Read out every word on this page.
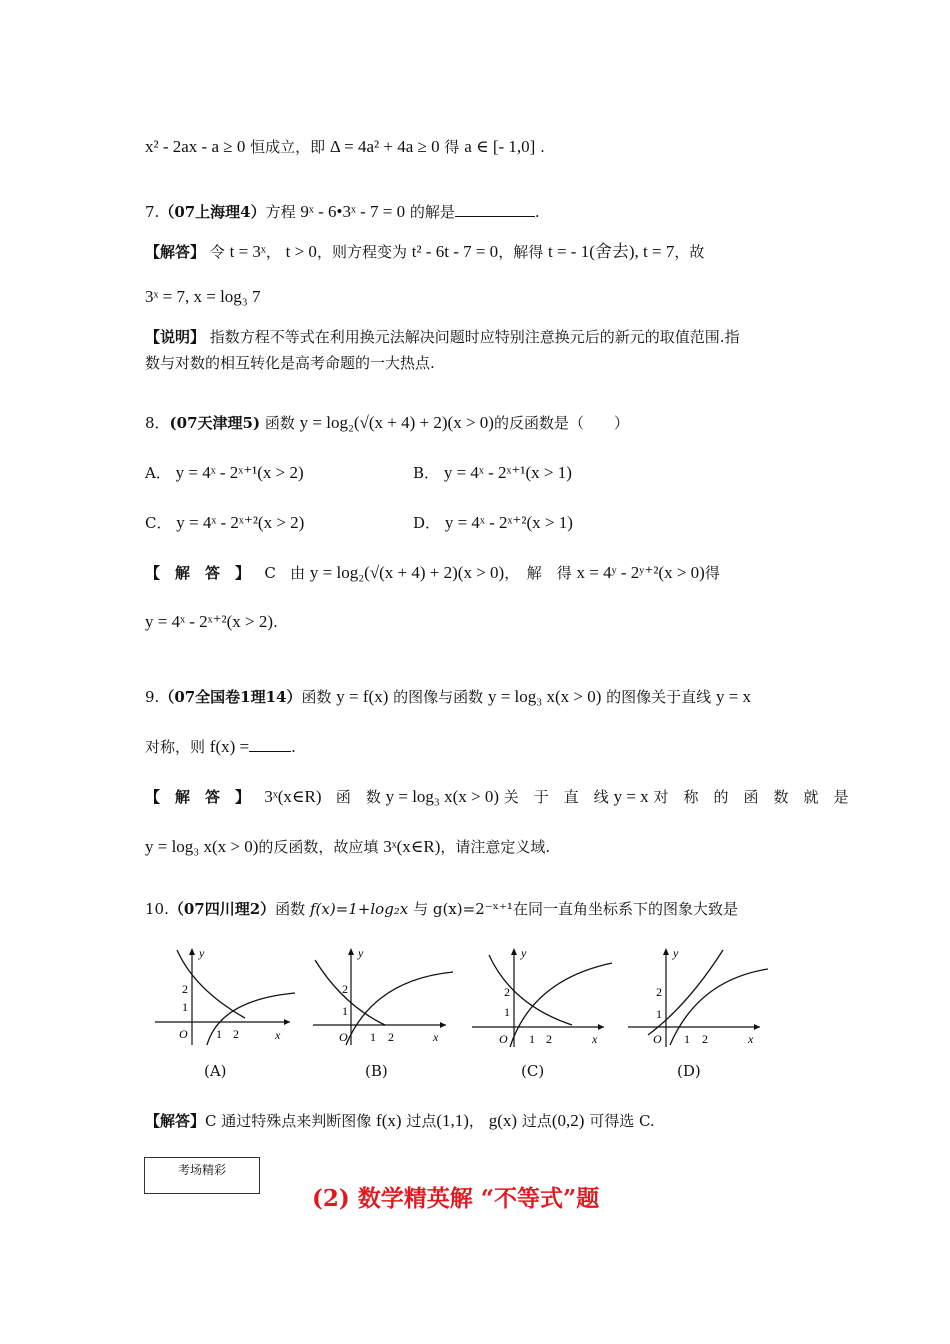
x² - 2ax - a ≥ 0 恒成立，即 Δ = 4a² + 4a ≥ 0 得 a ∈ [- 1,0] .
7.（07上海理4）方程 9ˣ - 6•3ˣ - 7 = 0 的解是	.
【解答】 令 t = 3ˣ， t > 0，则方程变为 t² - 6t - 7 = 0，解得 t = - 1(舍去), t = 7，故
3ˣ = 7, x = log₃ 7
【说明】 指数方程不等式在利用换元法解决问题时应特别注意换元后的新元的取值范围.指
数与对数的相互转化是高考命题的一大热点.
8．(07天津理5) 函数 y = log₂(√(x + 4) + 2)(x > 0)的反函数是（　　）
A． y = 4ˣ - 2ˣ⁺¹(x > 2)	B． y = 4ˣ - 2ˣ⁺¹(x > 1)
C． y = 4ˣ - 2ˣ⁺²(x > 2)	D． y = 4ˣ - 2ˣ⁺²(x > 1)
【　解　答　】 C 由 y = log₂(√(x + 4) + 2)(x > 0)，　解　得 x = 4ʸ - 2ʸ⁺²(x > 0)得
y = 4ˣ - 2ˣ⁺²(x > 2).
9.（07全国卷1理14）函数 y = f(x) 的图像与函数 y = log₃ x(x > 0) 的图像关于直线 y = x
对称，则 f(x) =	.
【　解　答　】 3ˣ(x∈R) 函　数 y = log₃ x(x > 0) 关　于　直　线 y = x 对　称　的　函　数　就　是
y = log₃ x(x > 0)的反函数，故应填 3ˣ(x∈R)，请注意定义域.
10.（07四川理2）函数 f(x)=1+log₂x 与 g(x)=2⁻ˣ⁺¹在同一直角坐标系下的图象大致是
y
x
O
2
1
1 2
(A)
y
x
O
2
1
1 2
(B)
y
x
O
2
1
1 2
(C)
y
x
O
2
1
1 2
(D)
【解答】C 通过特殊点来判断图像 f(x) 过点(1,1)， g(x) 过点(0,2) 可得选 C.
考场精彩
(2) 数学精英解 “不等式”题
